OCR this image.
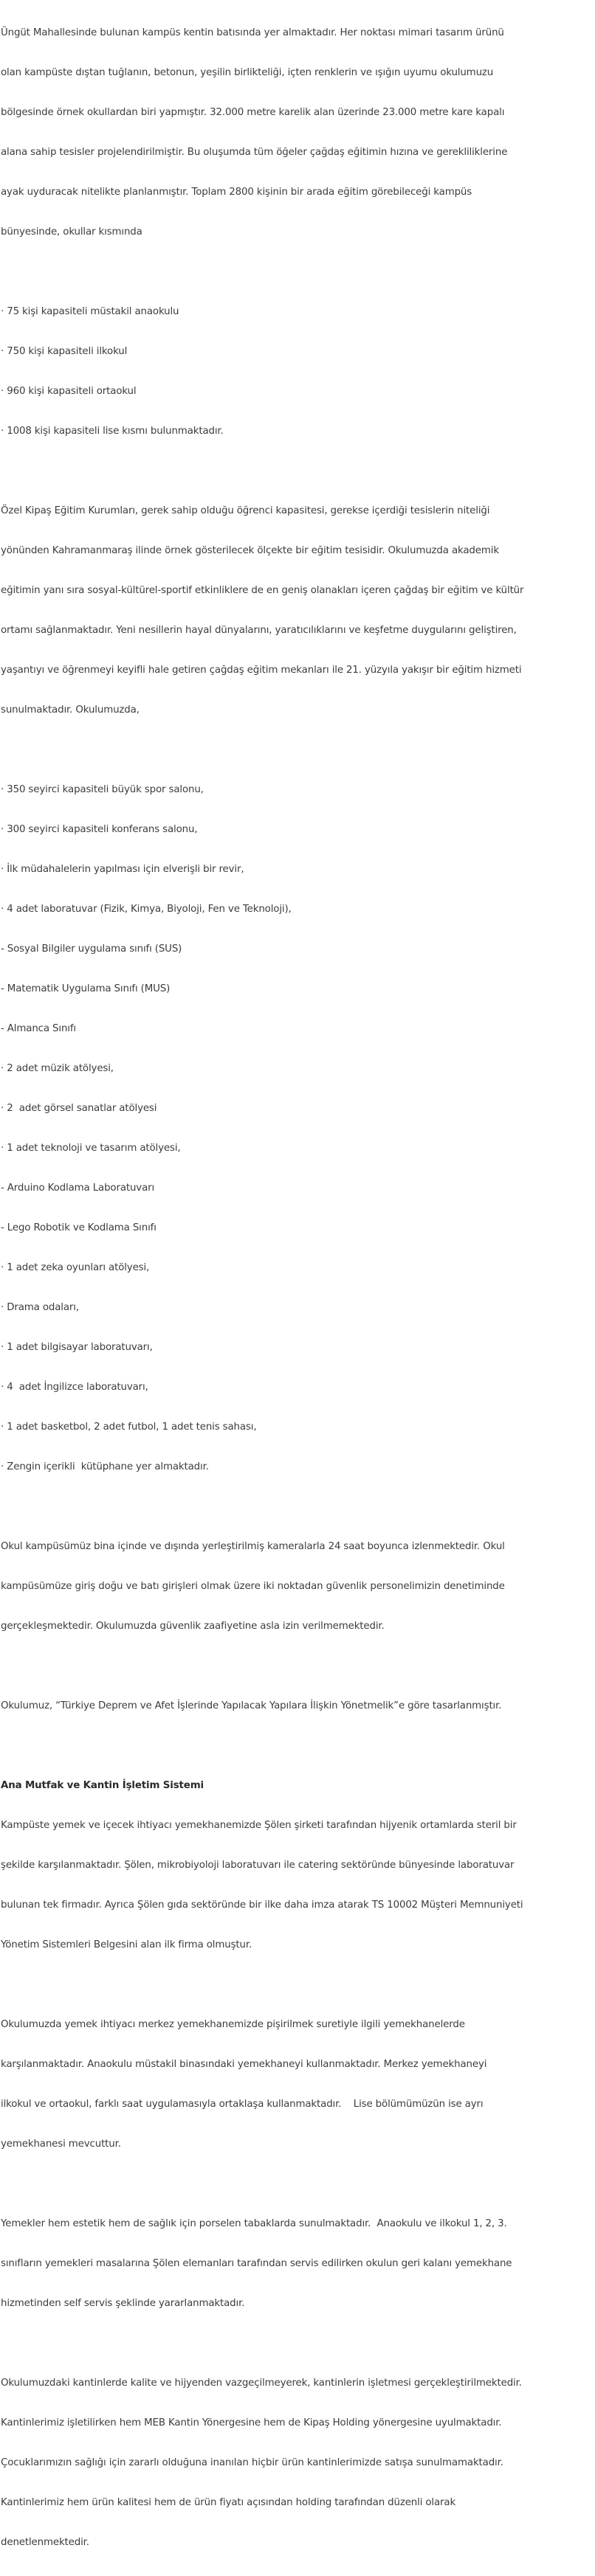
Üngüt Mahallesinde bulunan kampüs kentin batısında yer almaktadır. Her noktası mimari tasarım ürünü

olan kampüste dıştan tuğlanın, betonun, yeşilin birlikteliği, içten renklerin ve ışığın uyumu okulumuzu

bölgesinde örnek okullardan biri yapmıştır. 32.000 metre karelik alan üzerinde 23.000 metre kare kapalı

alana sahip tesisler projelendirilmiştir. Bu oluşumda tüm öğeler çağdaş eğitimin hızına ve gerekliliklerine

ayak uyduracak nitelikte planlanmıştır. Toplam 2800 kişinin bir arada eğitim görebileceği kampüs

bünyesinde, okullar kısmında

· 75 kişi kapasiteli müstakil anaokulu

· 750 kişi kapasiteli ilkokul

· 960 kişi kapasiteli ortaokul

· 1008 kişi kapasiteli lise kısmı bulunmaktadır.

Özel Kipaş Eğitim Kurumları, gerek sahip olduğu öğrenci kapasitesi, gerekse içerdiği tesislerin niteliği

yönünden Kahramanmaraş ilinde örnek gösterilecek ölçekte bir eğitim tesisidir. Okulumuzda akademik

eğitimin yanı sıra sosyal-kültürel-sportif etkinliklere de en geniş olanakları içeren çağdaş bir eğitim ve kültür

ortamı sağlanmaktadır. Yeni nesillerin hayal dünyalarını, yaratıcılıklarını ve keşfetme duygularını geliştiren,

yaşantıyı ve öğrenmeyi keyifli hale getiren çağdaş eğitim mekanları ile 21. yüzyıla yakışır bir eğitim hizmeti

sunulmaktadır. Okulumuzda,

· 350 seyirci kapasiteli büyük spor salonu,

· 300 seyirci kapasiteli konferans salonu,

· İlk müdahalelerin yapılması için elverişli bir revir,

· 4 adet laboratuvar (Fizik, Kimya, Biyoloji, Fen ve Teknoloji),

- Sosyal Bilgiler uygulama sınıfı (SUS)

- Matematik Uygulama Sınıfı (MUS)

- Almanca Sınıfı

· 2 adet müzik atölyesi,

· 2  adet görsel sanatlar atölyesi

· 1 adet teknoloji ve tasarım atölyesi,

- Arduino Kodlama Laboratuvarı

- Lego Robotik ve Kodlama Sınıfı

· 1 adet zeka oyunları atölyesi,

· Drama odaları,

· 1 adet bilgisayar laboratuvarı,

· 4  adet İngilizce laboratuvarı,

· 1 adet basketbol, 2 adet futbol, 1 adet tenis sahası,

· Zengin içerikli  kütüphane yer almaktadır.

Okul kampüsümüz bina içinde ve dışında yerleştirilmiş kameralarla 24 saat boyunca izlenmektedir. Okul

kampüsümüze giriş doğu ve batı girişleri olmak üzere iki noktadan güvenlik personelimizin denetiminde

gerçekleşmektedir. Okulumuzda güvenlik zaafiyetine asla izin verilmemektedir.

Okulumuz, “Türkiye Deprem ve Afet İşlerinde Yapılacak Yapılara İlişkin Yönetmelik”e göre tasarlanmıştır.

Ana Mutfak ve Kantin İşletim Sistemi

Kampüste yemek ve içecek ihtiyacı yemekhanemizde Şölen şirketi tarafından hijyenik ortamlarda steril bir

şekilde karşılanmaktadır. Şölen, mikrobiyoloji laboratuvarı ile catering sektöründe bünyesinde laboratuvar

bulunan tek firmadır. Ayrıca Şölen gıda sektöründe bir ilke daha imza atarak TS 10002 Müşteri Memnuniyeti

Yönetim Sistemleri Belgesini alan ilk firma olmuştur.

Okulumuzda yemek ihtiyacı merkez yemekhanemizde pişirilmek suretiyle ilgili yemekhanelerde

karşılanmaktadır. Anaokulu müstakil binasındaki yemekhaneyi kullanmaktadır. Merkez yemekhaneyi

ilkokul ve ortaokul, farklı saat uygulamasıyla ortaklaşa kullanmaktadır.    Lise bölümümüzün ise ayrı

yemekhanesi mevcuttur.

Yemekler hem estetik hem de sağlık için porselen tabaklarda sunulmaktadır.  Anaokulu ve ilkokul 1, 2, 3.

sınıfların yemekleri masalarına Şölen elemanları tarafından servis edilirken okulun geri kalanı yemekhane

hizmetinden self servis şeklinde yararlanmaktadır.

Okulumuzdaki kantinlerde kalite ve hijyenden vazgeçilmeyerek, kantinlerin işletmesi gerçekleştirilmektedir.

Kantinlerimiz işletilirken hem MEB Kantin Yönergesine hem de Kipaş Holding yönergesine uyulmaktadır.

Çocuklarımızın sağlığı için zararlı olduğuna inanılan hiçbir ürün kantinlerimizde satışa sunulmamaktadır.

Kantinlerimiz hem ürün kalitesi hem de ürün fiyatı açısından holding tarafından düzenli olarak

denetlenmektedir.
